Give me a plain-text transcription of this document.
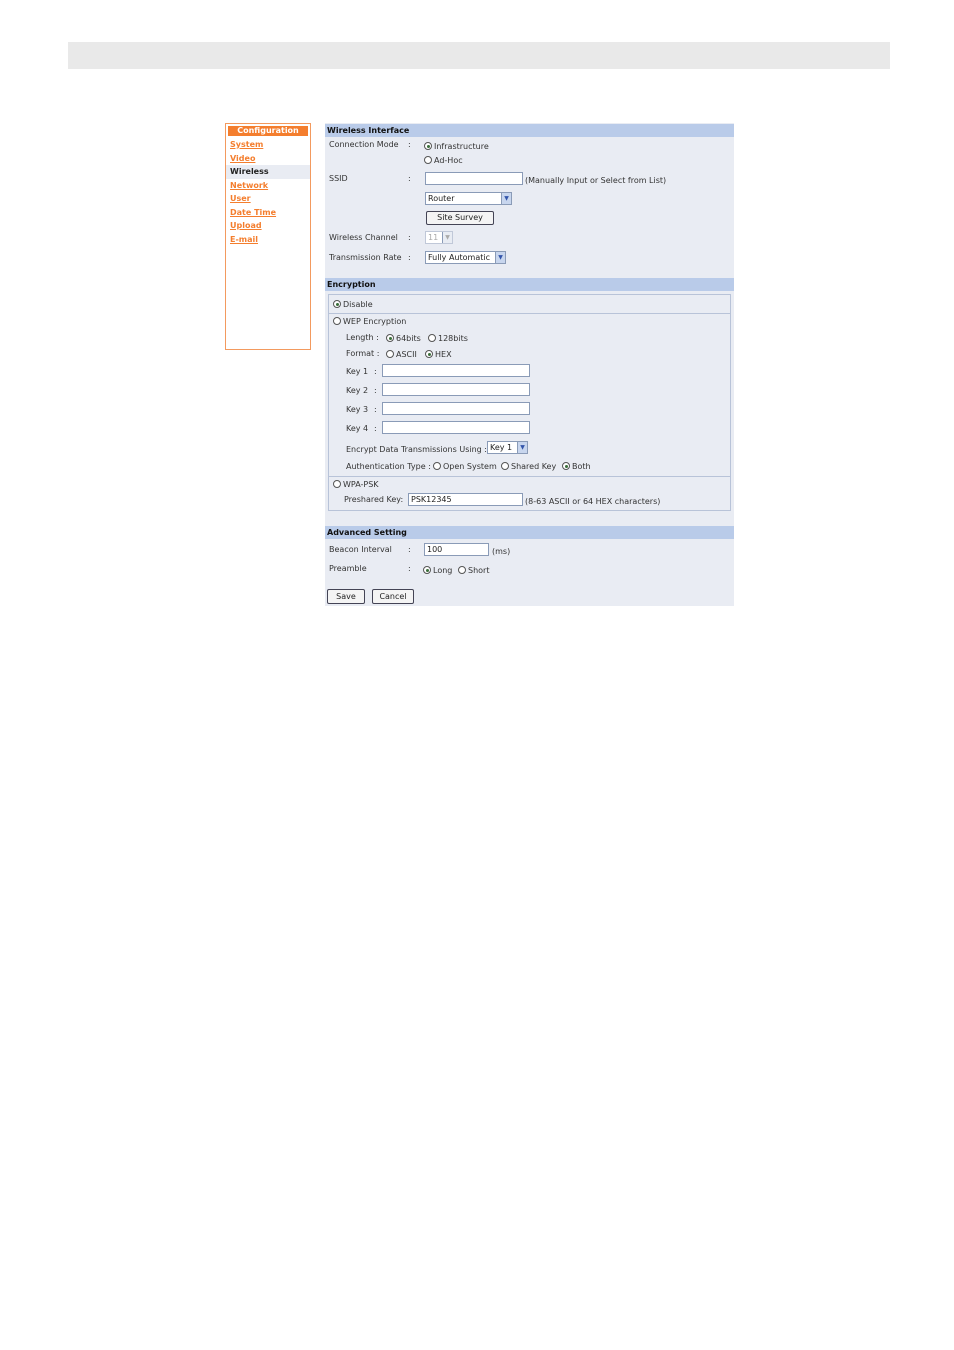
Configuration
System
Video
Wireless
Network
User
Date Time
Upload
E-mail
Wireless Interface
Connection Mode :	Infrastructure
Ad-Hoc
SSID	:	(Manually Input or Select from List)
Router	▼
Site Survey
Wireless Channel :	11	▼
Transmission Rate :	Fully Automatic	▼
Encryption
Disable
WEP Encryption
Length :	64bits	128bits
Format :	ASCII	HEX
Key 1 :
Key 2 :
Key 3 :
Key 4 :
Encrypt Data Transmissions Using : Key 1	▼
Authentication Type :	Open System	Shared Key	Both
WPA-PSK
Preshared Key:
PSK12345	(8-63 ASCII or 64 HEX characters)
Advanced Setting
Beacon Interval :
100	(ms)
Preamble	:	Long	Short
Save	Cancel
